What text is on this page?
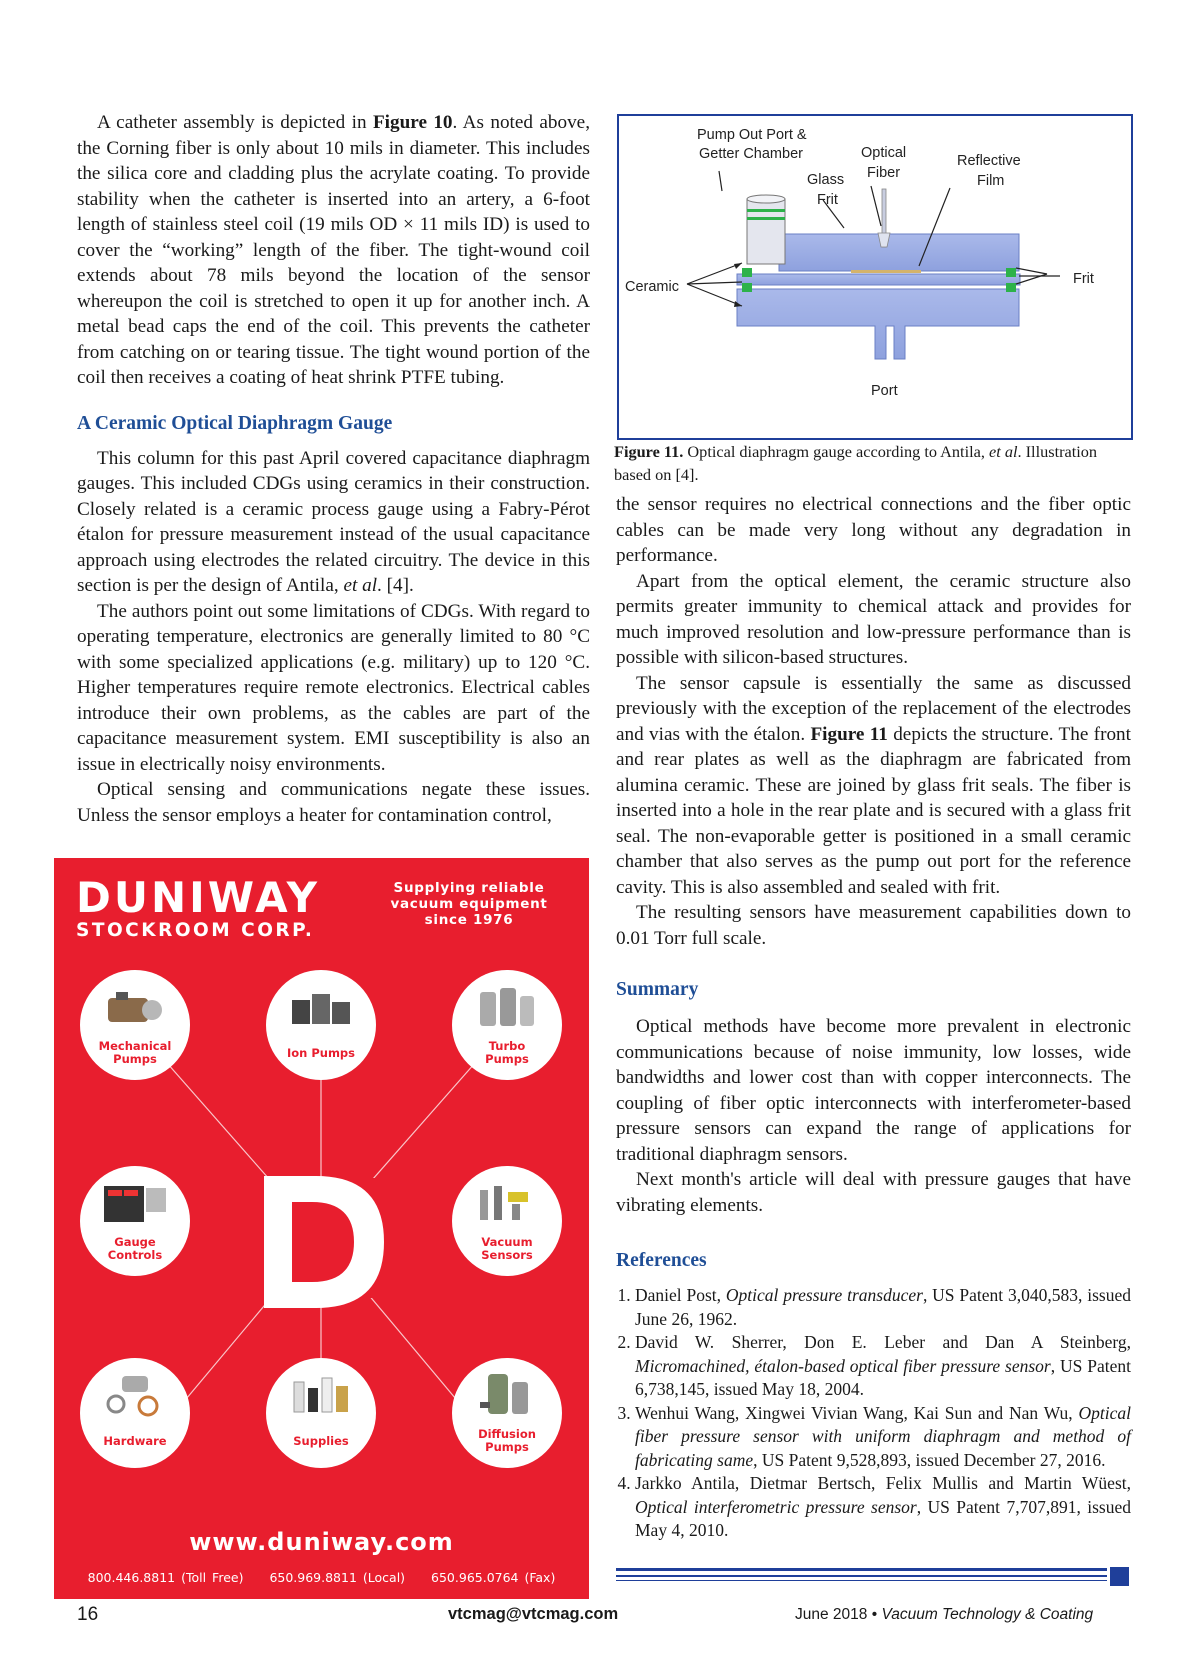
A catheter assembly is depicted in Figure 10. As noted above, the Corning fiber is only about 10 mils in diameter. This includes the silica core and cladding plus the acrylate coating. To provide stability when the catheter is inserted into an artery, a 6-foot length of stainless steel coil (19 mils OD × 11 mils ID) is used to cover the “working” length of the fiber. The tight-wound coil extends about 78 mils beyond the location of the sensor whereupon the coil is stretched to open it up for another inch. A metal bead caps the end of the coil. This prevents the catheter from catching on or tearing tissue. The tight wound portion of the coil then receives a coating of heat shrink PTFE tubing.

A Ceramic Optical Diaphragm Gauge

This column for this past April covered capacitance diaphragm gauges. This included CDGs using ceramics in their construction. Closely related is a ceramic process gauge using a Fabry-Pérot étalon for pressure measurement instead of the usual capacitance approach using electrodes the related circuitry. The device in this section is per the design of Antila, et al. [4].

The authors point out some limitations of CDGs. With regard to operating temperature, electronics are generally limited to 80 °C with some specialized applications (e.g. military) up to 120 °C. Higher temperatures require remote electronics. Electrical cables introduce their own problems, as the cables are part of the capacitance measurement system. EMI susceptibility is also an issue in electrically noisy environments.

Optical sensing and communications negate these issues. Unless the sensor employs a heater for contamination control,

Pump Out Port &
Getter Chamber	Optical
Fiber
Glass
Frit
Reflective
Film
Ceramic	Frit
Port
Figure 11. Optical diaphragm gauge according to Antila, et al. Illustration based on [4].

the sensor requires no electrical connections and the fiber optic cables can be made very long without any degradation in performance.

Apart from the optical element, the ceramic structure also permits greater immunity to chemical attack and provides for much improved resolution and low-pressure performance than is possible with silicon-based structures.

The sensor capsule is essentially the same as discussed previously with the exception of the replacement of the electrodes and vias with the étalon. Figure 11 depicts the structure. The front and rear plates as well as the diaphragm are fabricated from alumina ceramic. These are joined by glass frit seals. The fiber is inserted into a hole in the rear plate and is secured with a glass frit seal. The non-evaporable getter is positioned in a small ceramic chamber that also serves as the pump out port for the reference cavity. This is also assembled and sealed with frit.

The resulting sensors have measurement capabilities down to 0.01 Torr full scale.

Summary

Optical methods have become more prevalent in electronic communications because of noise immunity, low losses, wide bandwidths and lower cost than with copper interconnects. The coupling of fiber optic interconnects with interferometer-based pressure sensors can expand the range of applications for traditional diaphragm sensors.

Next month's article will deal with pressure gauges that have vibrating elements.

References
1. Daniel Post, Optical pressure transducer, US Patent 3,040,583, issued June 26, 1962.
2. David W. Sherrer, Don E. Leber and Dan A Steinberg, Micromachined, étalon-based optical fiber pressure sensor, US Patent 6,738,145, issued May 18, 2004.
3. Wenhui Wang, Xingwei Vivian Wang, Kai Sun and Nan Wu, Optical fiber pressure sensor with uniform diaphragm and method of fabricating same, US Patent 9,528,893, issued December 27, 2016.
4. Jarkko Antila, Dietmar Bertsch, Felix Mullis and Martin Wüest, Optical interferometric pressure sensor, US Patent 7,707,891, issued May 4, 2010.
DUNIWAY
STOCKROOM CORP.
Supplying reliable
vacuum equipment
since 1976
Mechanical
Pumps	Ion Pumps	Turbo
Pumps
Gauge
Controls
Vacuum
Sensors
Hardware	Supplies	Diffusion
Pumps
www.duniway.com
800.446.8811 (Toll Free) 650.969.8811 (Local) 650.965.0764 (Fax)
16	vtcmag@vtcmag.com	June 2018 • Vacuum Technology & Coating
